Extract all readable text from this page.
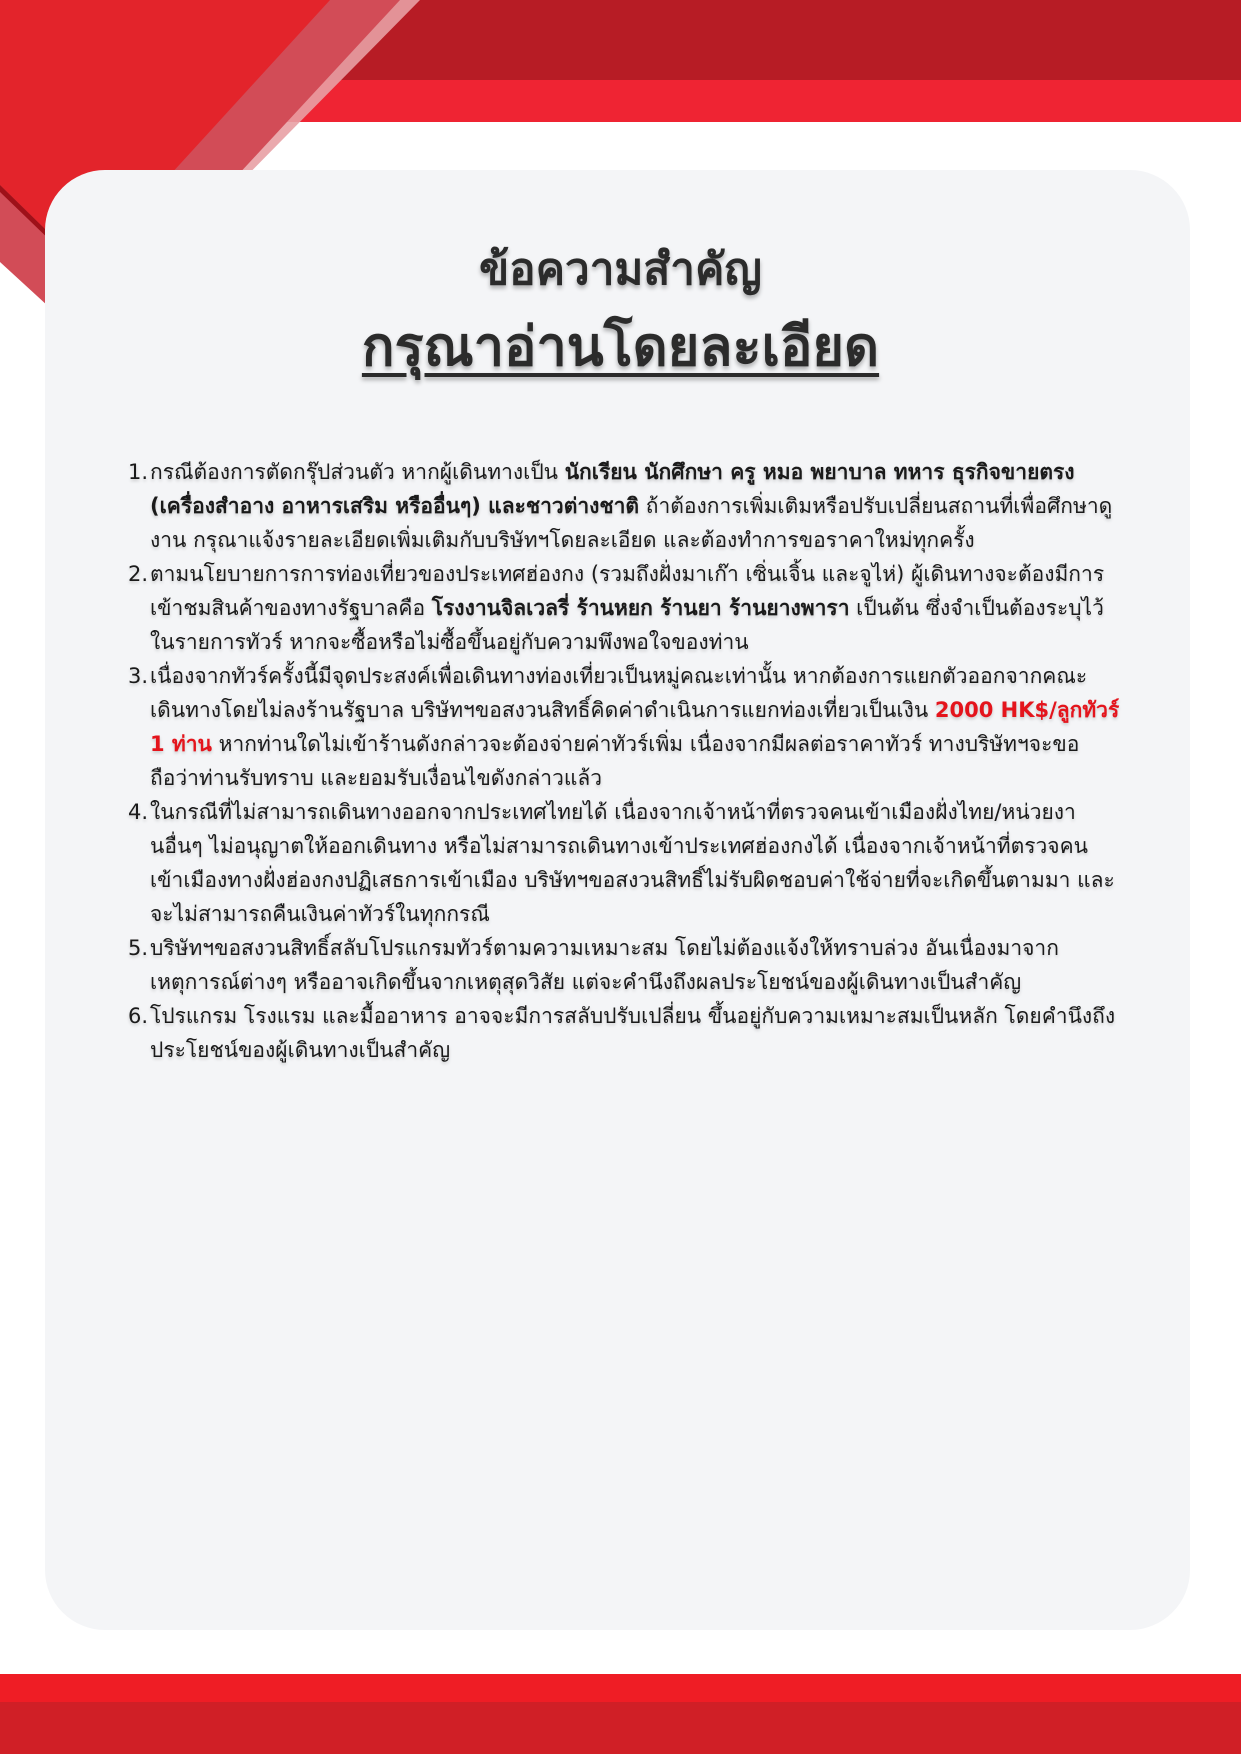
ข้อความสำคัญ
กรุณาอ่านโดยละเอียด
1. กรณีต้องการตัดกรุ๊ปส่วนตัว หากผู้เดินทางเป็น นักเรียน นักศึกษา ครู หมอ พยาบาล ทหาร ธุรกิจขายตรง (เครื่องสำอาง อาหารเสริม หรืออื่นๆ) และชาวต่างชาติ ถ้าต้องการเพิ่มเติมหรือปรับเปลี่ยนสถานที่เพื่อศึกษาดูงาน กรุณาแจ้งรายละเอียดเพิ่มเติมกับบริษัทฯโดยละเอียด และต้องทำการขอราคาใหม่ทุกครั้ง
2. ตามนโยบายการการท่องเที่ยวของประเทศฮ่องกง (รวมถึงฝั่งมาเก๊า เซิ่นเจิ้น และจูไห่) ผู้เดินทางจะต้องมีการเข้าชมสินค้าของทางรัฐบาลคือ โรงงานจิลเวลรี่ ร้านหยก ร้านยา ร้านยางพารา เป็นต้น ซึ่งจำเป็นต้องระบุไว้ในรายการทัวร์ หากจะซื้อหรือไม่ซื้อขึ้นอยู่กับความพึงพอใจของท่าน
3. เนื่องจากทัวร์ครั้งนี้มีจุดประสงค์เพื่อเดินทางท่องเที่ยวเป็นหมู่คณะเท่านั้น หากต้องการแยกตัวออกจากคณะเดินทางโดยไม่ลงร้านรัฐบาล บริษัทฯขอสงวนสิทธิ์คิดค่าดำเนินการแยกท่องเที่ยวเป็นเงิน 2000 HK$/ลูกทัวร์ 1 ท่าน หากท่านใดไม่เข้าร้านดังกล่าวจะต้องจ่ายค่าทัวร์เพิ่ม เนื่องจากมีผลต่อราคาทัวร์ ทางบริษัทฯจะขอถือว่าท่านรับทราบ และยอมรับเงื่อนไขดังกล่าวแล้ว
4. ในกรณีที่ไม่สามารถเดินทางออกจากประเทศไทยได้ เนื่องจากเจ้าหน้าที่ตรวจคนเข้าเมืองฝั่งไทย/หน่วยงานอื่นๆ ไม่อนุญาตให้ออกเดินทาง หรือไม่สามารถเดินทางเข้าประเทศฮ่องกงได้ เนื่องจากเจ้าหน้าที่ตรวจคนเข้าเมืองทางฝั่งฮ่องกงปฏิเสธการเข้าเมือง บริษัทฯขอสงวนสิทธิ์ไม่รับผิดชอบค่าใช้จ่ายที่จะเกิดขึ้นตามมา และจะไม่สามารถคืนเงินค่าทัวร์ในทุกกรณี
5. บริษัทฯขอสงวนสิทธิ์สลับโปรแกรมทัวร์ตามความเหมาะสม โดยไม่ต้องแจ้งให้ทราบล่วง อันเนื่องมาจากเหตุการณ์ต่างๆ หรืออาจเกิดขึ้นจากเหตุสุดวิสัย แต่จะคำนึงถึงผลประโยชน์ของผู้เดินทางเป็นสำคัญ
6. โปรแกรม โรงแรม และมื้ออาหาร อาจจะมีการสลับปรับเปลี่ยน ขึ้นอยู่กับความเหมาะสมเป็นหลัก โดยคำนึงถึงประโยชน์ของผู้เดินทางเป็นสำคัญ
